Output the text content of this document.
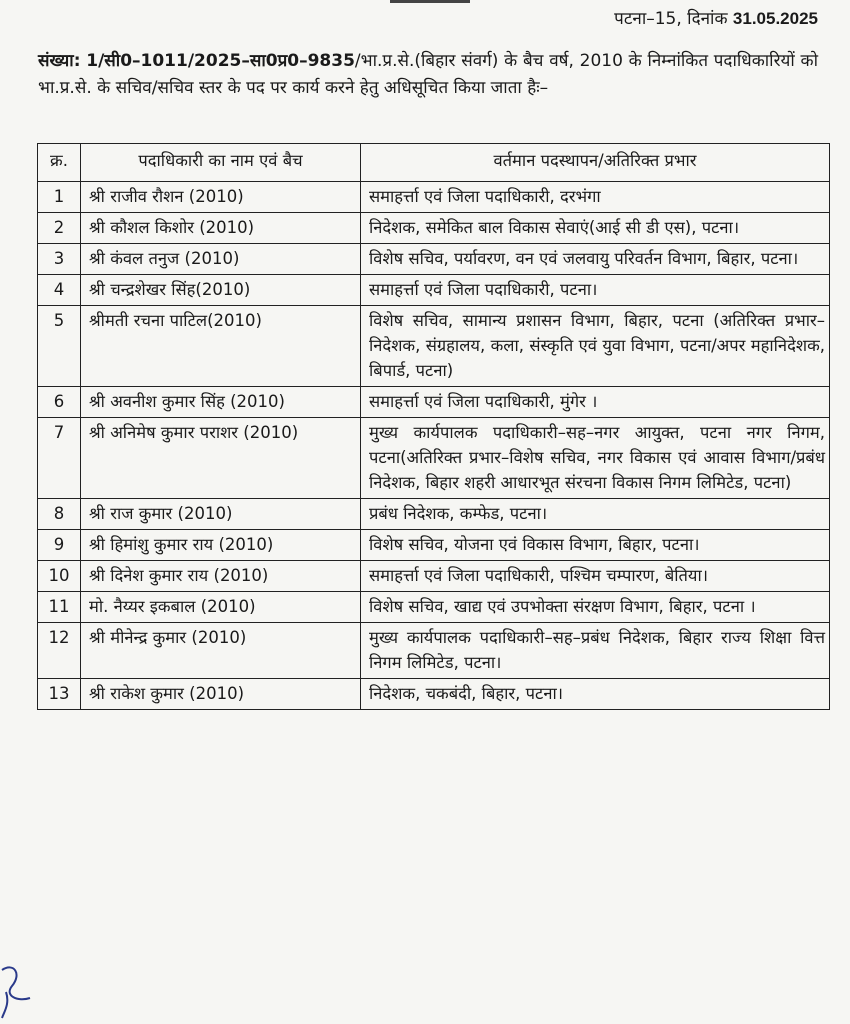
पटना–15, दिनांक 31.05.2025
संख्या: 1/सी0–1011/2025–सा0प्र0–9835/भा.प्र.से.(बिहार संवर्ग) के बैच वर्ष, 2010 के निम्नांकित पदाधिकारियों को भा.प्र.से. के सचिव/सचिव स्तर के पद पर कार्य करने हेतु अधिसूचित किया जाता हैः–
क्र.	पदाधिकारी का नाम एवं बैच	वर्तमान पदस्थापन/अतिरिक्त प्रभार
1	श्री राजीव रौशन (2010)	समाहर्त्ता एवं जिला पदाधिकारी, दरभंगा
2	श्री कौशल किशोर (2010)	निदेशक, समेकित बाल विकास सेवाएं(आई सी डी एस), पटना।
3	श्री कंवल तनुज (2010)	विशेष सचिव, पर्यावरण, वन एवं जलवायु परिवर्तन विभाग, बिहार, पटना।
4	श्री चन्द्रशेखर सिंह(2010)	समाहर्त्ता एवं जिला पदाधिकारी, पटना।
5	श्रीमती रचना पाटिल(2010)	विशेष सचिव, सामान्य प्रशासन विभाग, बिहार, पटना (अतिरिक्त प्रभार–निदेशक, संग्रहालय, कला, संस्कृति एवं युवा विभाग, पटना/अपर महानिदेशक, बिपार्ड, पटना)
6	श्री अवनीश कुमार सिंह (2010)	समाहर्त्ता एवं जिला पदाधिकारी, मुंगेर ।
7	श्री अनिमेष कुमार पराशर (2010)	मुख्य कार्यपालक पदाधिकारी–सह–नगर आयुक्त, पटना नगर निगम, पटना(अतिरिक्त प्रभार–विशेष सचिव, नगर विकास एवं आवास विभाग/प्रबंध निदेशक, बिहार शहरी आधारभूत संरचना विकास निगम लिमिटेड, पटना)
8	श्री राज कुमार (2010)	प्रबंध निदेशक, कम्फेड, पटना।
9	श्री हिमांशु कुमार राय (2010)	विशेष सचिव, योजना एवं विकास विभाग, बिहार, पटना।
10	श्री दिनेश कुमार राय (2010)	समाहर्त्ता एवं जिला पदाधिकारी, पश्चिम चम्पारण, बेतिया।
11	मो. नैय्यर इकबाल (2010)	विशेष सचिव, खाद्य एवं उपभोक्ता संरक्षण विभाग, बिहार, पटना ।
12	श्री मीनेन्द्र कुमार (2010)	मुख्य कार्यपालक पदाधिकारी–सह–प्रबंध निदेशक, बिहार राज्य शिक्षा वित्त निगम लिमिटेड, पटना।
13	श्री राकेश कुमार (2010)	निदेशक, चकबंदी, बिहार, पटना।
